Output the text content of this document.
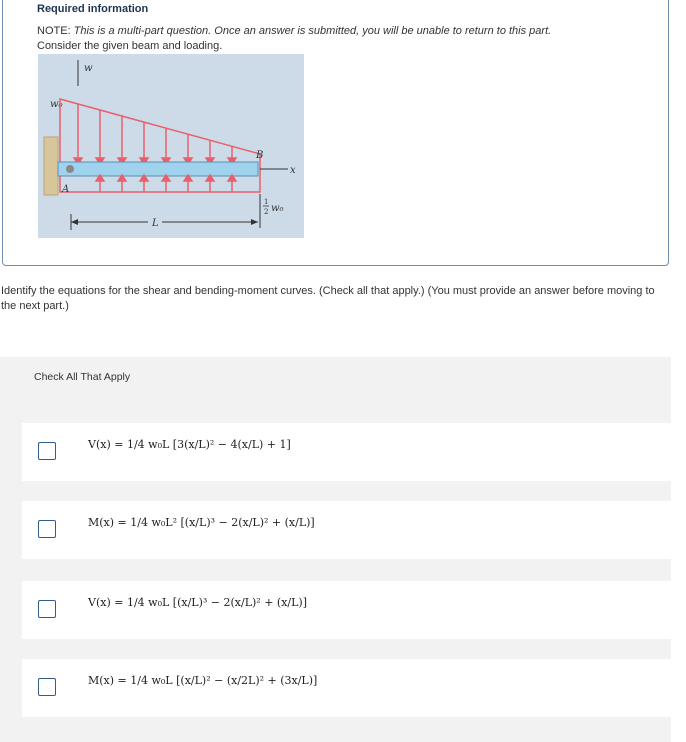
Required information
NOTE: This is a multi-part question. Once an answer is submitted, you will be unable to return to this part.
Consider the given beam and loading.
w
w₀
A
B
x
1
2 w₀
L
Identify the equations for the shear and bending-moment curves. (Check all that apply.) (You must provide an answer before moving to the next part.)
Check All That Apply
V(x) = 1/4 w₀L [3(x/L)² − 4(x/L) + 1]
M(x) = 1/4 w₀L² [(x/L)³ − 2(x/L)² + (x/L)]
V(x) = 1/4 w₀L [(x/L)³ − 2(x/L)² + (x/L)]
M(x) = 1/4 w₀L [(x/L)² − (x/2L)² + (3x/L)]
